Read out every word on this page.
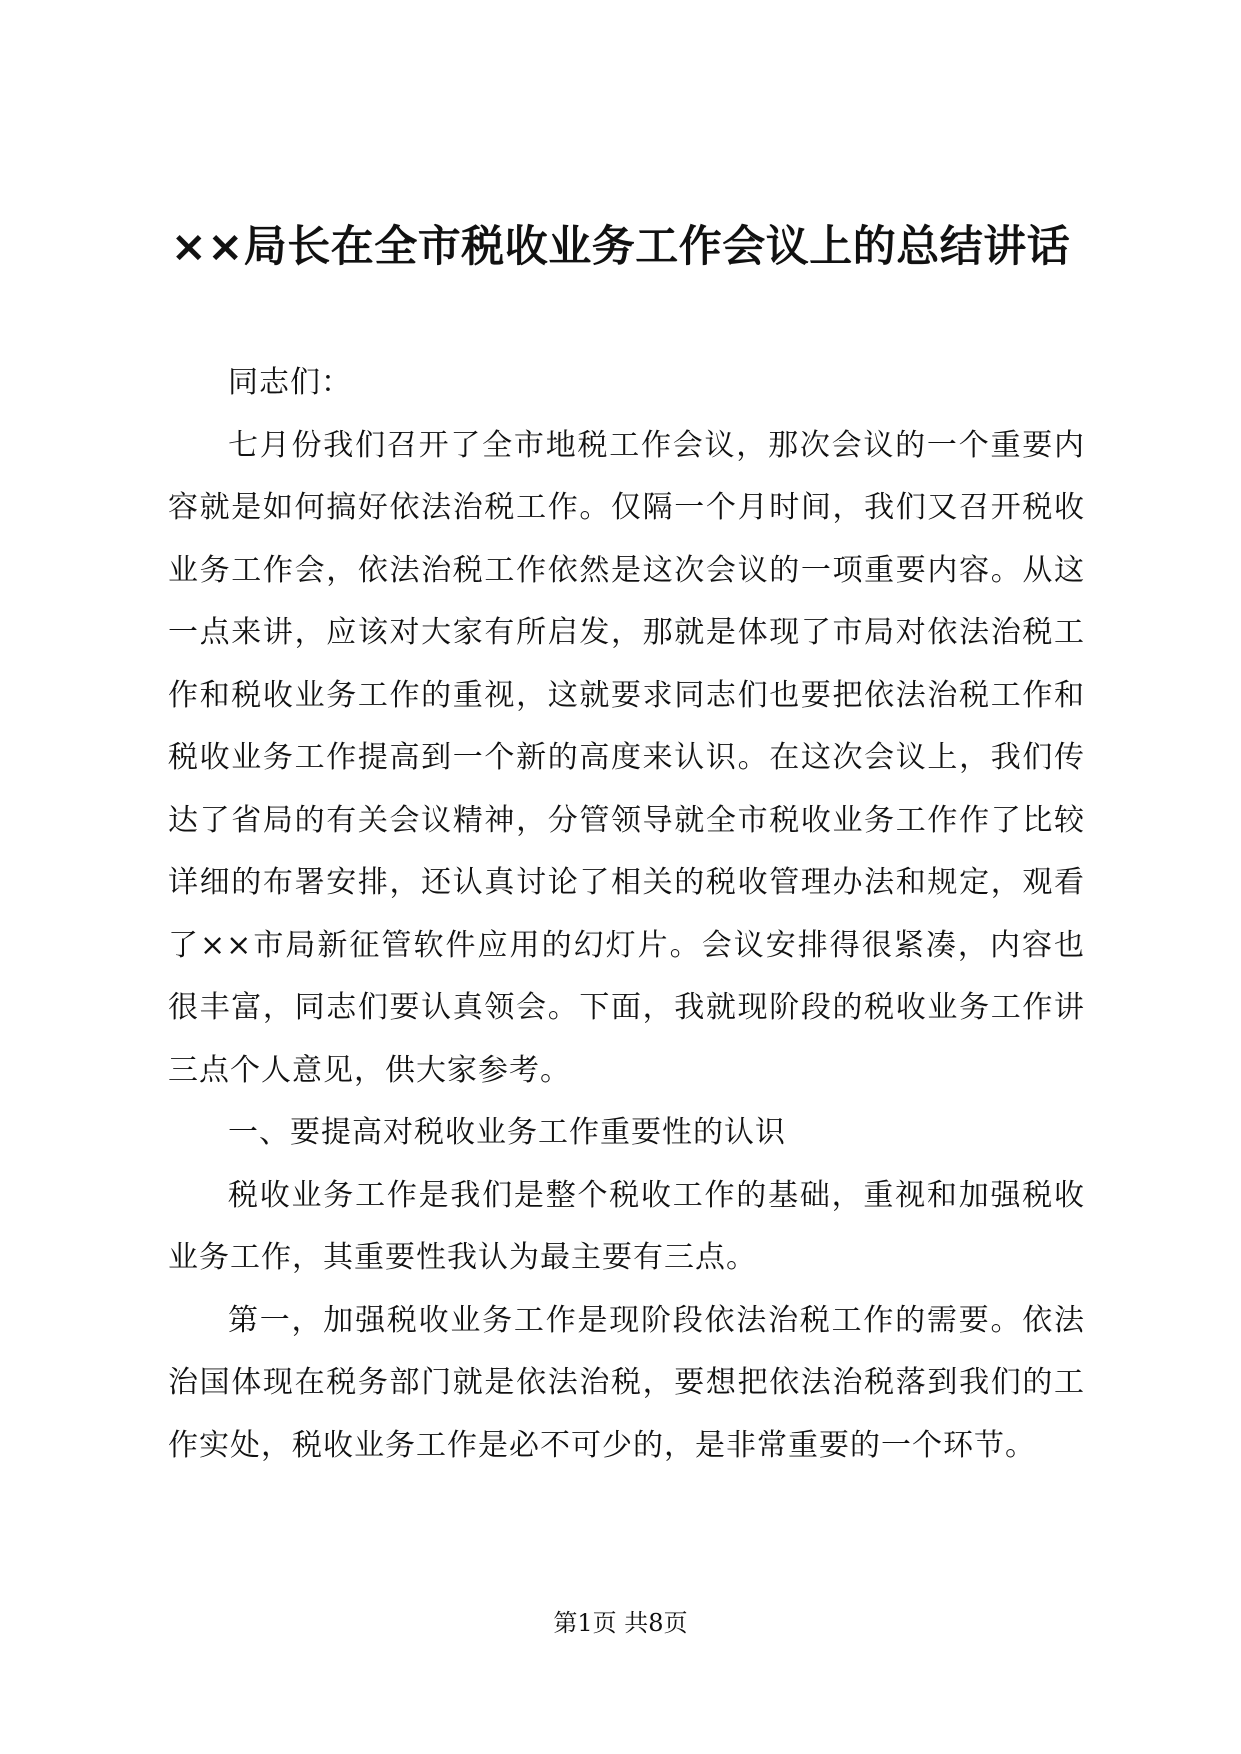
××局长在全市税收业务工作会议上的总结讲话

同志们：

七月份我们召开了全市地税工作会议，那次会议的一个重要内容就是如何搞好依法治税工作。仅隔一个月时间，我们又召开税收业务工作会，依法治税工作依然是这次会议的一项重要内容。从这一点来讲，应该对大家有所启发，那就是体现了市局对依法治税工作和税收业务工作的重视，这就要求同志们也要把依法治税工作和税收业务工作提高到一个新的高度来认识。在这次会议上，我们传达了省局的有关会议精神，分管领导就全市税收业务工作作了比较详细的布署安排，还认真讨论了相关的税收管理办法和规定，观看了××市局新征管软件应用的幻灯片。会议安排得很紧凑，内容也很丰富，同志们要认真领会。下面，我就现阶段的税收业务工作讲三点个人意见，供大家参考。

一、要提高对税收业务工作重要性的认识

税收业务工作是我们是整个税收工作的基础，重视和加强税收业务工作，其重要性我认为最主要有三点。

第一，加强税收业务工作是现阶段依法治税工作的需要。依法治国体现在税务部门就是依法治税，要想把依法治税落到我们的工作实处，税收业务工作是必不可少的，是非常重要的一个环节。

第1页 共8页
